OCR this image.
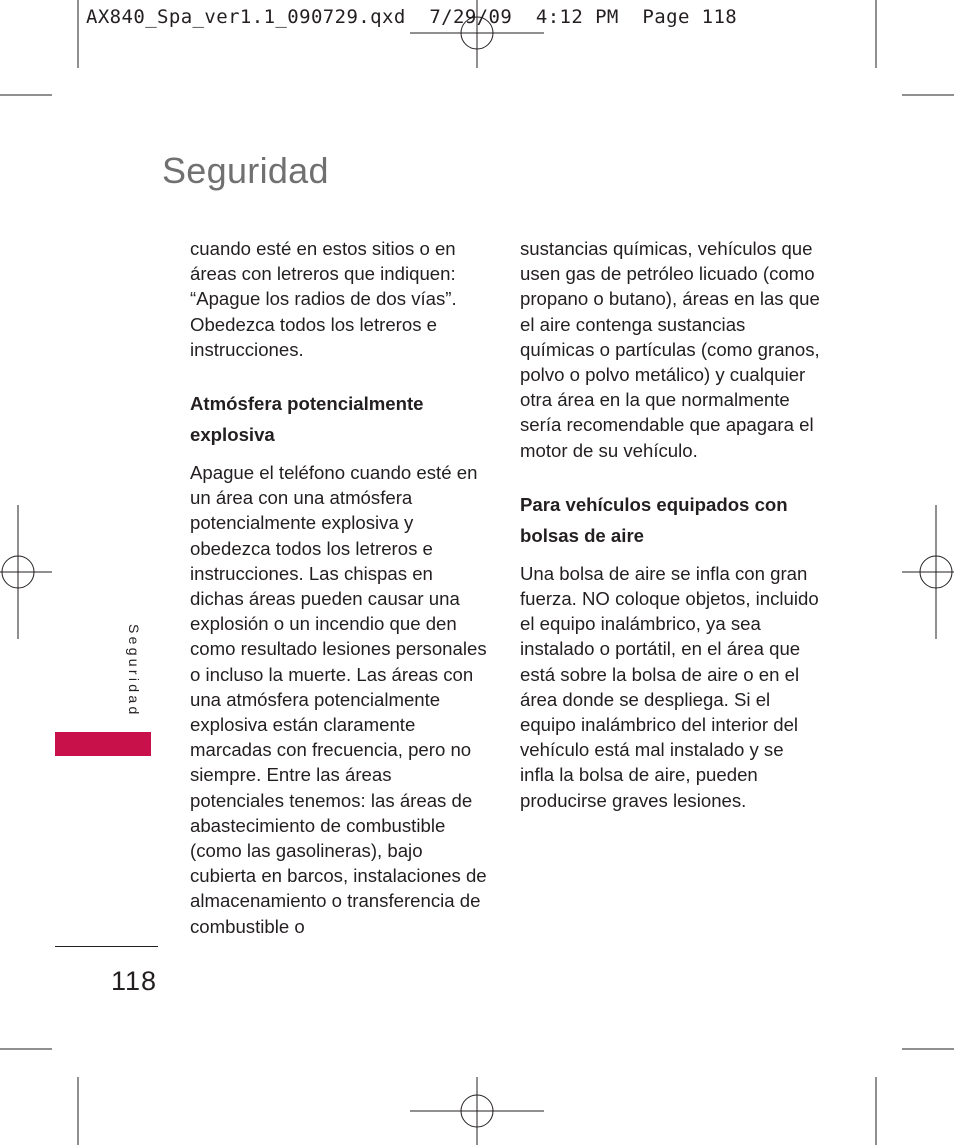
AX840_Spa_ver1.1_090729.qxd  7/29/09  4:12 PM  Page 118
Seguridad

cuando esté en estos sitios o en áreas con letreros que indiquen: “Apague los radios de dos vías”. Obedezca todos los letreros e instrucciones.

Atmósfera potencialmente explosiva

Apague el teléfono cuando esté en un área con una atmósfera potencialmente explosiva y obedezca todos los letreros e instrucciones. Las chispas en dichas áreas pueden causar una explosión o un incendio que den como resultado lesiones personales o incluso la muerte. Las áreas con una atmósfera potencialmente explosiva están claramente marcadas con frecuencia, pero no siempre. Entre las áreas potenciales tenemos: las áreas de abastecimiento de combustible (como las gasolineras), bajo cubierta en barcos, instalaciones de almacenamiento o transferencia de combustible o

sustancias químicas, vehículos que usen gas de petróleo licuado (como propano o butano), áreas en las que el aire contenga sustancias químicas o partículas (como granos, polvo o polvo metálico) y cualquier otra área en la que normalmente sería recomendable que apagara el motor de su vehículo.

Para vehículos equipados con bolsas de aire

Una bolsa de aire se infla con gran fuerza. NO coloque objetos, incluido el equipo inalámbrico, ya sea instalado o portátil, en el área que está sobre la bolsa de aire o en el área donde se despliega. Si el equipo inalámbrico del interior del vehículo está mal instalado y se infla la bolsa de aire, pueden producirse graves lesiones.

Seguridad
118
